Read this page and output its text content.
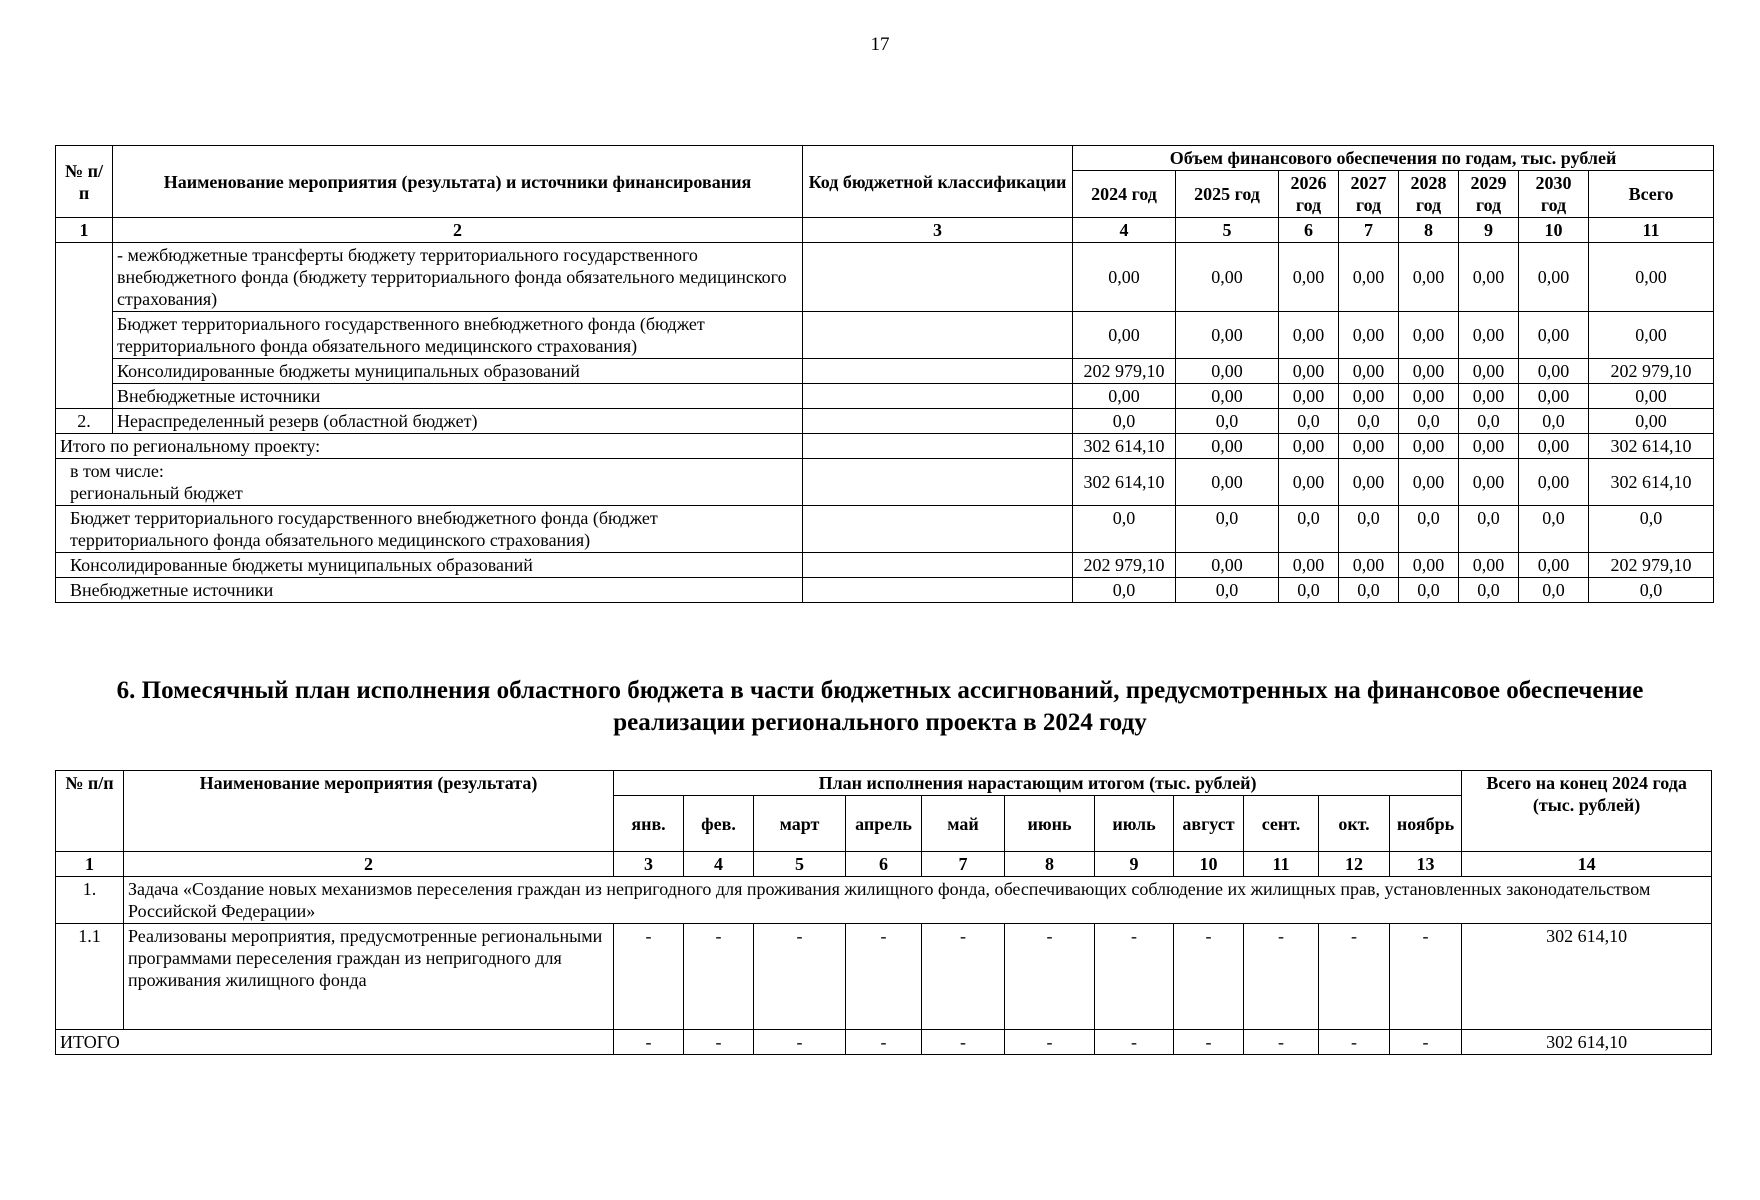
17
№ п/п	Наименование мероприятия (результата) и источники финансирования	Код бюджетной классификации	Объем финансового обеспечения по годам, тыс. рублей							
			2024 год	2025 год	2026 год	2027 год	2028 год	2029 год	2030 год	Всего
1	2	3	4	5	6	7	8	9	10	11
	- межбюджетные трансферты бюджету территориального государственного внебюджетного фонда (бюджету территориального фонда обязательного медицинского страхования)		0,00	0,00	0,00	0,00	0,00	0,00	0,00	0,00
	Бюджет территориального государственного внебюджетного фонда (бюджет территориального фонда обязательного медицинского страхования)		0,00	0,00	0,00	0,00	0,00	0,00	0,00	0,00
	Консолидированные бюджеты муниципальных образований		202 979,10	0,00	0,00	0,00	0,00	0,00	0,00	202 979,10
	Внебюджетные источники		0,00	0,00	0,00	0,00	0,00	0,00	0,00	0,00
2.	Нераспределенный резерв (областной бюджет)		0,0	0,0	0,0	0,0	0,0	0,0	0,0	0,00
Итого по региональному проекту:			302 614,10	0,00	0,00	0,00	0,00	0,00	0,00	302 614,10

в том числе:
региональный бюджет			302 614,10	0,00	0,00	0,00	0,00	0,00	0,00	302 614,10
Бюджет территориального государственного внебюджетного фонда (бюджет территориального фонда обязательного медицинского страхования)			0,0	0,0	0,0	0,0	0,0	0,0	0,0	0,0
Консолидированные бюджеты муниципальных образований			202 979,10	0,00	0,00	0,00	0,00	0,00	0,00	202 979,10
Внебюджетные источники			0,0	0,0	0,0	0,0	0,0	0,0	0,0	0,0
6. Помесячный план исполнения областного бюджета в части бюджетных ассигнований, предусмотренных на финансовое обеспечение реализации регионального проекта в 2024 году
№ п/п	Наименование мероприятия (результата)	План исполнения нарастающим итогом (тыс. рублей)											Всего на конец 2024 года (тыс. рублей)
		янв.	фев.	март	апрель	май	июнь	июль	август	сент.	окт.	ноябрь	
1	2	3	4	5	6	7	8	9	10	11	12	13	14
1.	Задача «Создание новых механизмов переселения граждан из непригодного для проживания жилищного фонда, обеспечивающих соблюдение их жилищных прав, установленных законодательством Российской Федерации»												
1.1	Реализованы мероприятия, предусмотренные региональными программами переселения граждан из непригодного для проживания жилищного фонда	-	-	-	-	-	-	-	-	-	-	-	302 614,10
ИТОГО		-	-	-	-	-	-	-	-	-	-	-	302 614,10
